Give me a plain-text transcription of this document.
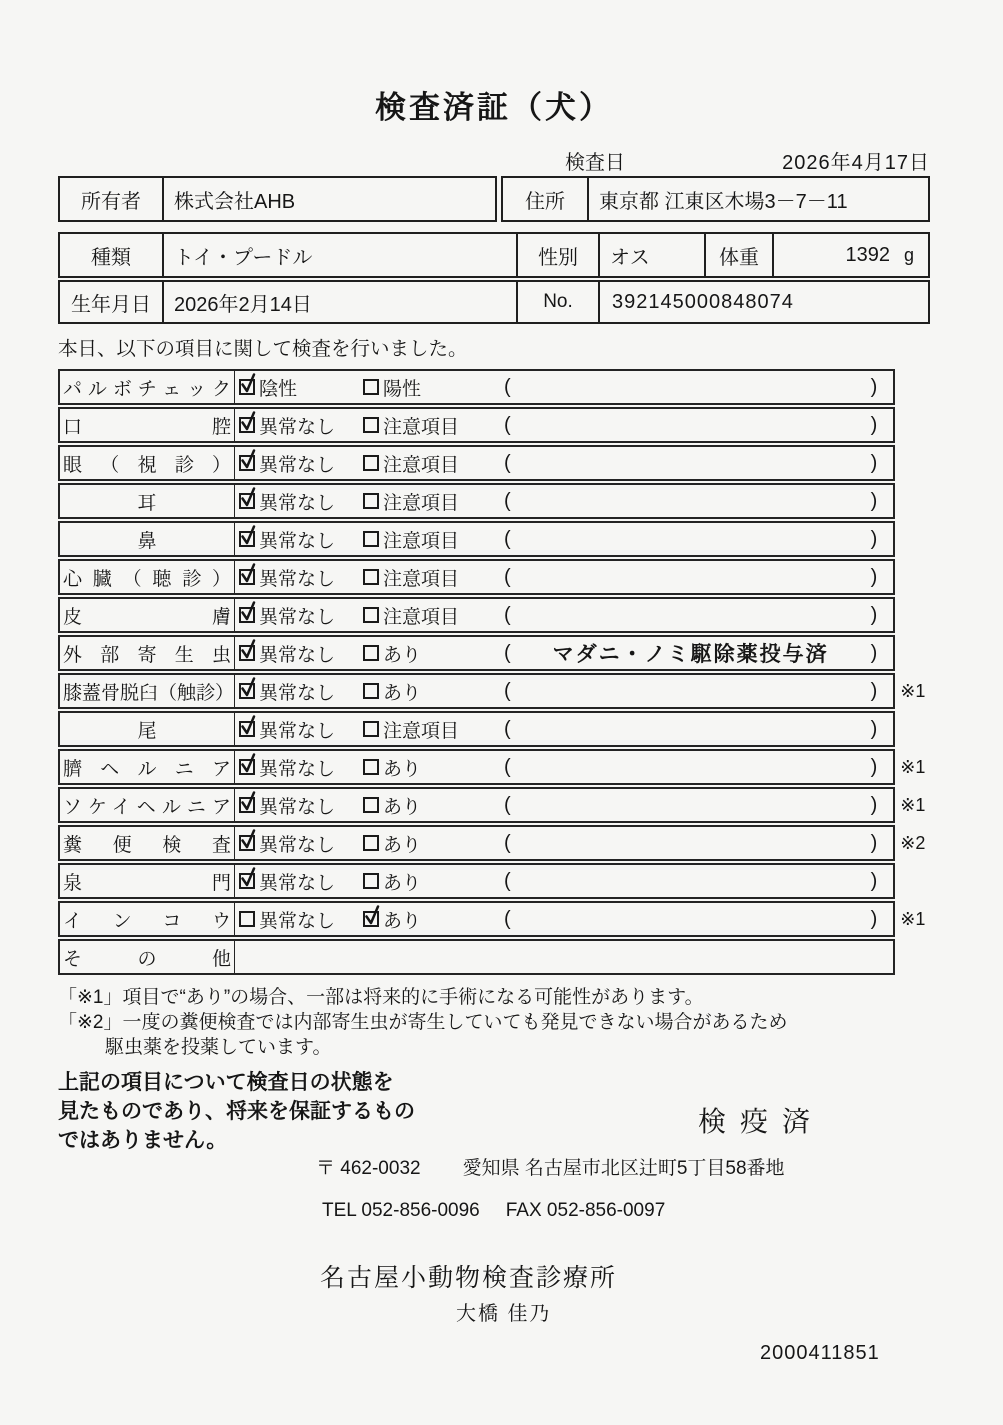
検査済証（犬）
検査日	2026年4月17日
所有者	株式会社AHB	住所	東京都 江東区木場3－7－11
種類	トイ・プードル	性別	オス	体重	1392 g
生年月日	2026年2月14日	No.	392145000848074
本日、以下の項目に関して検査を行いました。
パルボチェック 陰性	陽性	(	)
口腔 異常なし	注意項目 (	)
眼（視診） 異常なし	注意項目 (	)
耳	異常なし	注意項目 (	)
鼻	異常なし	注意項目 (	)
心臓（聴診） 異常なし	注意項目 (	)
皮膚 異常なし	注意項目 (	)
外部寄生虫 異常なし	あり	(	マダニ・ノミ駆除薬投与済	)
膝蓋骨脱臼（触診） 異常なし	あり	(	) ※1
尾	異常なし	注意項目 (	)
臍ヘルニア 異常なし	あり	(	) ※1
ソケイヘルニア 異常なし	あり	(	) ※1
糞便検査 異常なし	あり	(	) ※2
泉門 異常なし	あり	(	)
インコウ 異常なし	あり	(	) ※1
その他
「※1」項目で“あり”の場合、一部は将来的に手術になる可能性があります。
「※2」一度の糞便検査では内部寄生虫が寄生していても発見できない場合があるため
駆虫薬を投薬しています。
上記の項目について検査日の状態を
見たものであり、将来を保証するもの
ではありません。
検疫済
〒 462-0032 愛知県 名古屋市北区辻町5丁目58番地
TEL 052-856-0096 FAX 052-856-0097
名古屋小動物検査診療所
大橋 佳乃
2000411851
